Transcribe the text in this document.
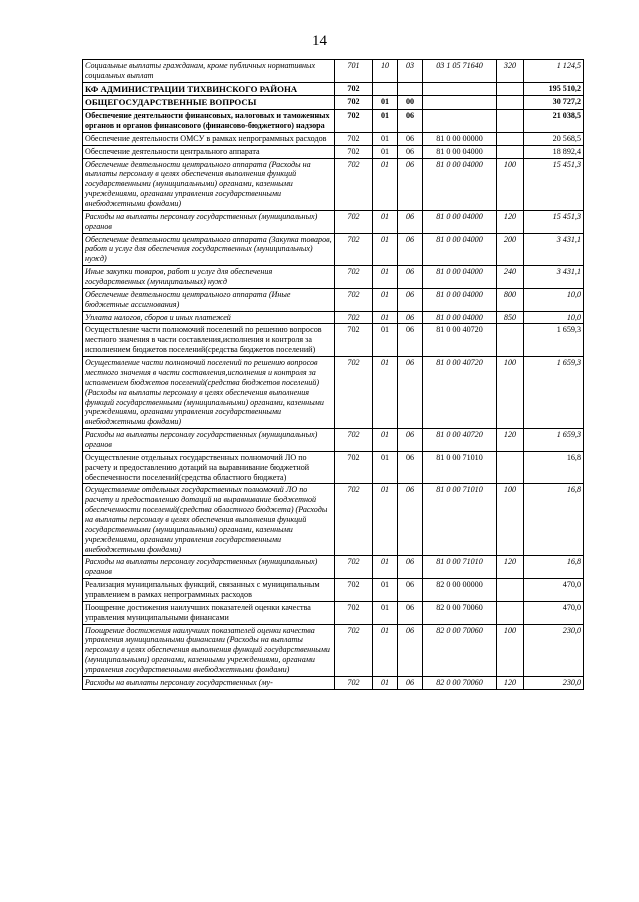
14
Социальные выплаты гражданам, кроме публичных нормативных социальных выплат	701	10	03	03 1 05 71640	320	1 124,5
КФ АДМИНИСТРАЦИИ ТИХВИНСКОГО РАЙОНА	702					195 510,2
ОБЩЕГОСУДАРСТВЕННЫЕ ВОПРОСЫ	702	01	00			30 727,2
Обеспечение деятельности финансовых, налоговых и таможенных органов и органов финансового (финансово-бюджетного) надзора	702	01	06			21 038,5
Обеспечение деятельности ОМСУ в рамках непрограммных расходов	702	01	06	81 0 00 00000		20 568,5
Обеспечение деятельности центрального аппарата	702	01	06	81 0 00 04000		18 892,4
Обеспечение деятельности центрального аппарата (Расходы на выплаты персоналу в целях обеспечения выполнения функций государственными (муниципальными) органами, казенными учреждениями, органами управления государственными внебюджетными фондами)	702	01	06	81 0 00 04000	100	15 451,3
Расходы на выплаты персоналу государственных (муниципальных) органов	702	01	06	81 0 00 04000	120	15 451,3
Обеспечение деятельности центрального аппарата (Закупка товаров, работ и услуг для обеспечения государственных (муниципальных) нужд)	702	01	06	81 0 00 04000	200	3 431,1
Иные закупки товаров, работ и услуг для обеспечения государственных (муниципальных) нужд	702	01	06	81 0 00 04000	240	3 431,1
Обеспечение деятельности центрального аппарата (Иные бюджетные ассигнования)	702	01	06	81 0 00 04000	800	10,0
Уплата налогов, сборов и иных платежей	702	01	06	81 0 00 04000	850	10,0
Осуществление части полномочий поселений по решению вопросов местного значения в части составления,исполнения и контроля за исполнением бюджетов поселений(средства бюджетов поселений)	702	01	06	81 0 00 40720		1 659,3
Осуществление части полномочий поселений по решению вопросов местного значения в части составления,исполнения и контроля за исполнением бюджетов поселений(средства бюджетов поселений) (Расходы на выплаты персоналу в целях обеспечения выполнения функций государственными (муниципальными) органами, казенными учреждениями, органами управления государственными внебюджетными фондами)	702	01	06	81 0 00 40720	100	1 659,3
Расходы на выплаты персоналу государственных (муниципальных) органов	702	01	06	81 0 00 40720	120	1 659,3
Осуществление отдельных государственных полномочий ЛО по расчету и предоставлению дотаций на выравнивание бюджетной обеспеченности поселений(средства областного бюджета)	702	01	06	81 0 00 71010		16,8
Осуществление отдельных государственных полномочий ЛО по расчету и предоставлению дотаций на выравнивание бюджетной обеспеченности поселений(средства областного бюджета) (Расходы на выплаты персоналу в целях обеспечения выполнения функций государственными (муниципальными) органами, казенными учреждениями, органами управления государственными внебюджетными фондами)	702	01	06	81 0 00 71010	100	16,8
Расходы на выплаты персоналу государственных (муниципальных) органов	702	01	06	81 0 00 71010	120	16,8
Реализация муниципальных функций, связанных с муниципальным управлением в рамках непрограммных расходов	702	01	06	82 0 00 00000		470,0
Поощрение достижения наилучших показателей оценки качества управления муниципальными финансами	702	01	06	82 0 00 70060		470,0
Поощрение достижения наилучших показателей оценки качества управления муниципальными финансами (Расходы на выплаты персоналу в целях обеспечения выполнения функций государственными (муниципальными) органами, казенными учреждениями, органами управления государственными внебюджетными фондами)	702	01	06	82 0 00 70060	100	230,0
Расходы на выплаты персоналу государственных (му-	702	01	06	82 0 00 70060	120	230,0
